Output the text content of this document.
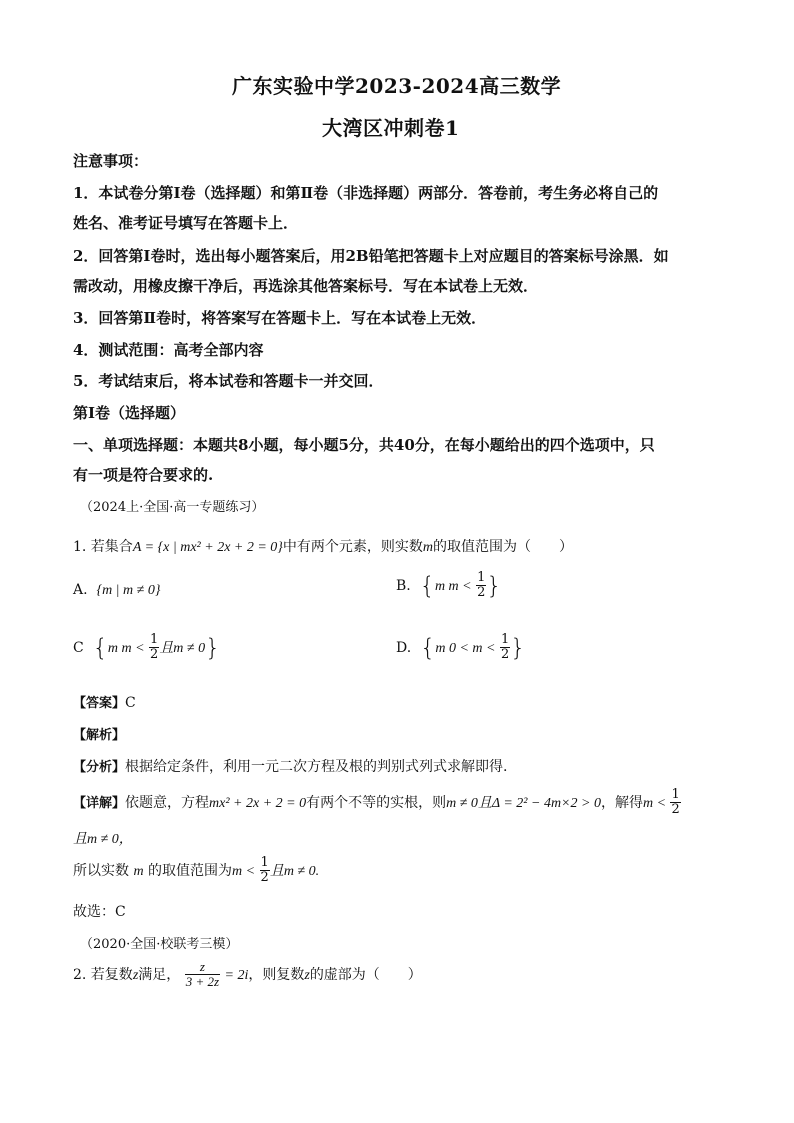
广东实验中学2023-2024高三数学
大湾区冲刺卷1
注意事项：
1．本试卷分第Ⅰ卷（选择题）和第Ⅱ卷（非选择题）两部分．答卷前，考生务必将自己的
姓名、准考证号填写在答题卡上．
2．回答第Ⅰ卷时，选出每小题答案后，用2B铅笔把答题卡上对应题目的答案标号涂黑．如
需改动，用橡皮擦干净后，再选涂其他答案标号．写在本试卷上无效．
3．回答第Ⅱ卷时，将答案写在答题卡上．写在本试卷上无效．
4．测试范围：高考全部内容
5．考试结束后，将本试卷和答题卡一并交回．
第Ⅰ卷（选择题）
一、单项选择题：本题共8小题，每小题5分，共40分，在每小题给出的四个选项中，只
有一项是符合要求的.
（2024上·全国·高一专题练习）
1. 若集合A = {x | mx² + 2x + 2 = 0}中有两个元素，则实数m的取值范围为（　　）
A. {m | m ≠ 0}	B. {m $m < \frac{1}{2}$ }
C {m $m < \frac{1}{2}$ 且m ≠ 0}	D. {m $0 < m < \frac{1}{2}$ }
【答案】C
【解析】
【分析】根据给定条件，利用一元二次方程及根的判别式列式求解即得.
【详解】依题意，方程mx² + 2x + 2 = 0有两个不等的实根，则m ≠ 0且Δ = 2² − 4m×2 > 0，解得$m < \frac{1}{2}$
且m ≠ 0，
所以实数 m 的取值范围为$m < \frac{1}{2}$ 且m ≠ 0.
故选：C
（2020·全国·校联考三模）
2. 若复数z满足， $\frac{z}{3 + 2z} = 2i$，则复数z的虚部为（　　）
